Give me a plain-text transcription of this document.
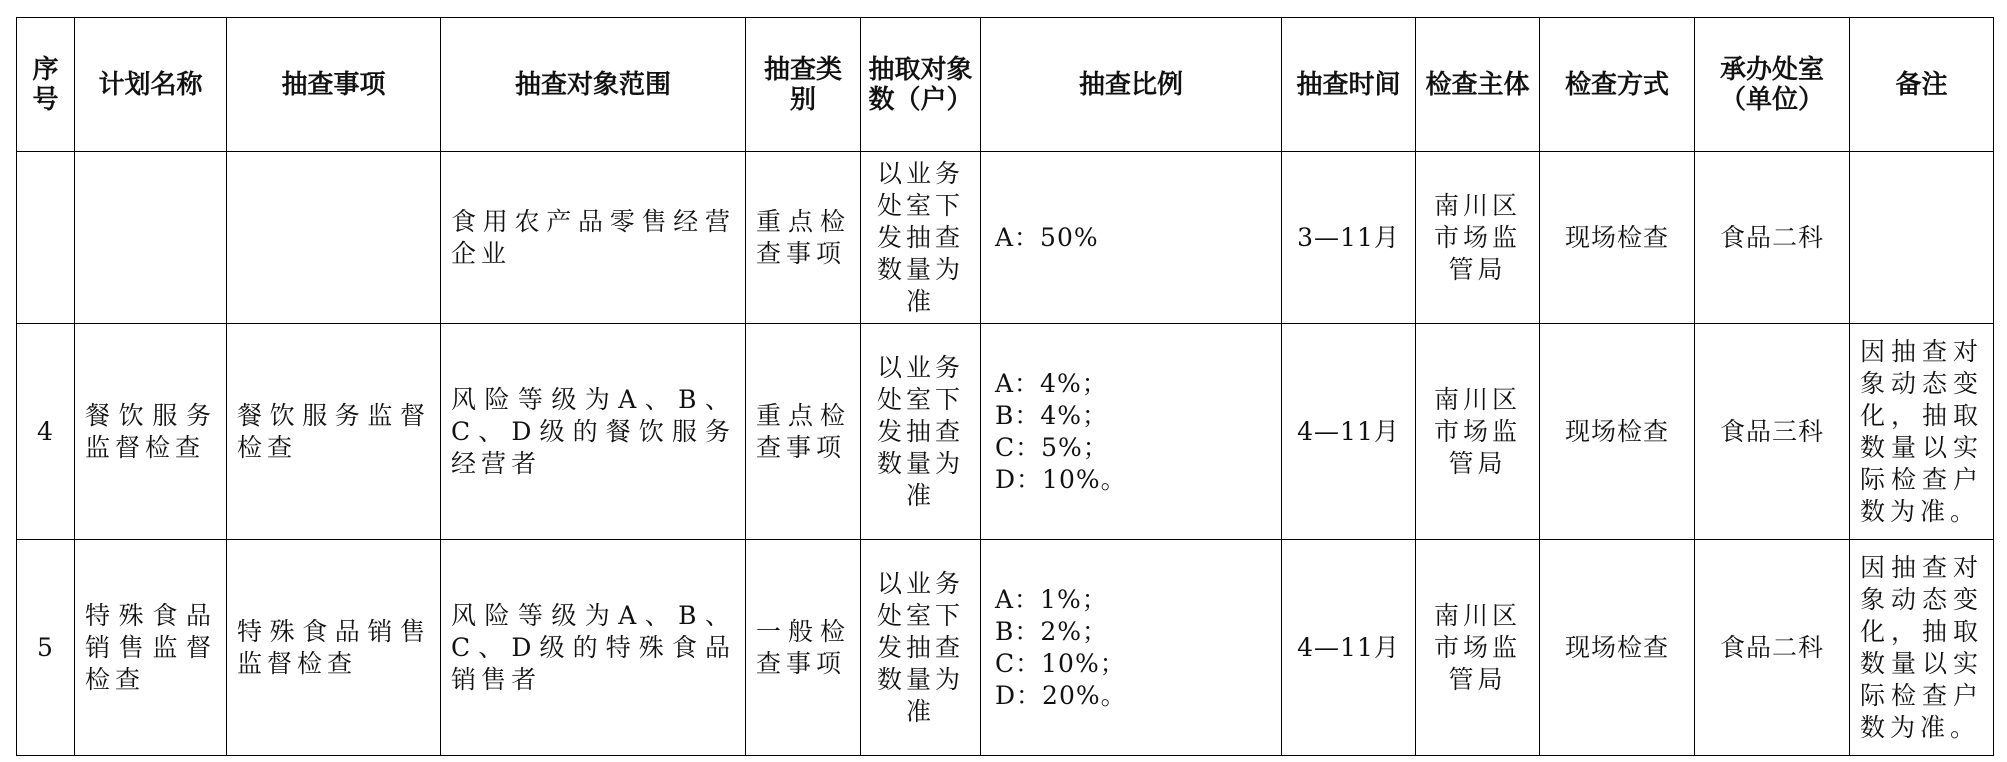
序号	计划名称	抽查事项	抽查对象范围	抽查类别	抽取对象数（户）	抽查比例	抽查时间	检查主体	检查方式	承办处室（单位）	备注
			食用农产品零售经营企业	重点检查事项	以业务处室下发抽查数量为准	A：50%	3—11月	南川区市场监管局	现场检查	食品二科	
4	餐饮服务监督检查	餐饮服务监督检查	风险等级为A、B、C、D级的餐饮服务经营者	重点检查事项	以业务处室下发抽查数量为准	A：4%；
B：4%；
C：5%；
D：10%。	4—11月	南川区市场监管局	现场检查	食品三科	因抽查对象动态变化，抽取数量以实际检查户数为准。
5	特殊食品销售监督检查	特殊食品销售监督检查	风险等级为A、B、C、D级的特殊食品销售者	一般检查事项	以业务处室下发抽查数量为准	A：1%；
B：2%；
C：10%；
D：20%。	4—11月	南川区市场监管局	现场检查	食品二科	因抽查对象动态变化，抽取数量以实际检查户数为准。
